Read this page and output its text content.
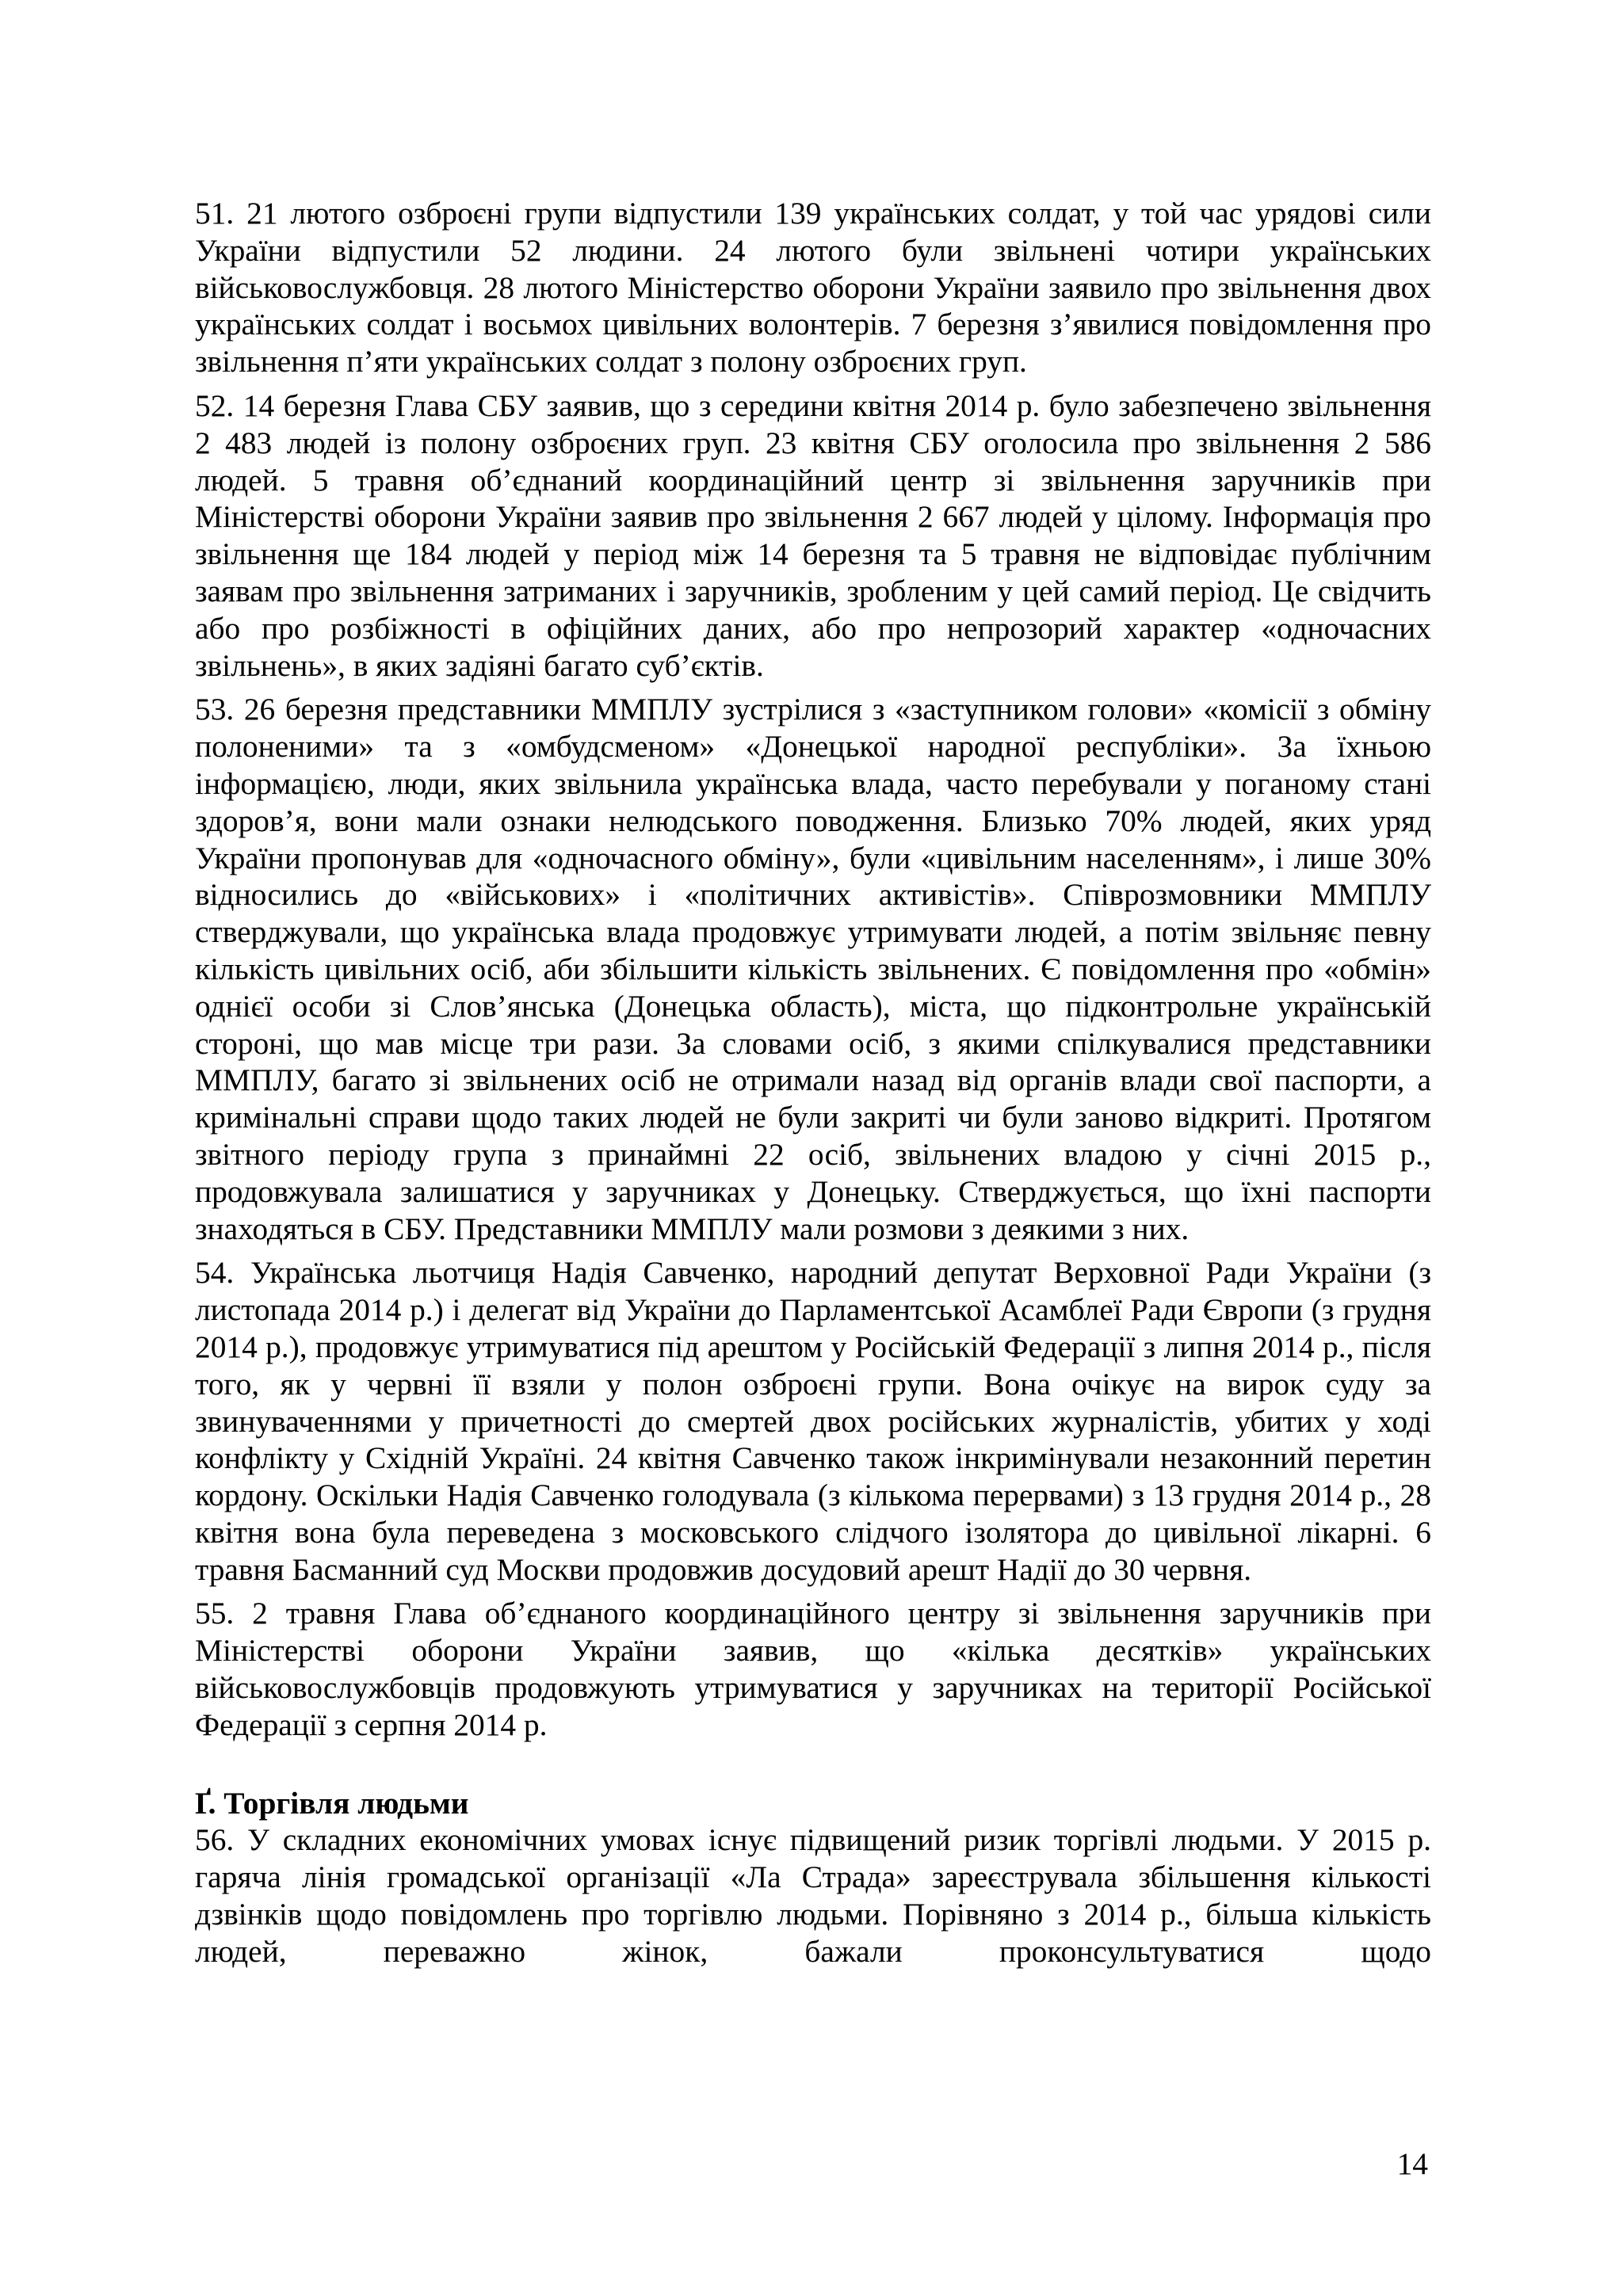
51. 21 лютого озброєні групи відпустили 139 українських солдат, у той час урядові сили України відпустили 52 людини. 24 лютого були звільнені чотири українських військовослужбовця. 28 лютого Міністерство оборони України заявило про звільнення двох українських солдат і восьмох цивільних волонтерів. 7 березня з’явилися повідомлення про звільнення п’яти українських солдат з полону озброєних груп.

52. 14 березня Глава СБУ заявив, що з середини квітня 2014 р. було забезпечено звільнення 2 483 людей із полону озброєних груп. 23 квітня СБУ оголосила про звільнення 2 586 людей. 5 травня об’єднаний координаційний центр зі звільнення заручників при Міністерстві оборони України заявив про звільнення 2 667 людей у цілому. Інформація про звільнення ще 184 людей у період між 14 березня та 5 травня не відповідає публічним заявам про звільнення затриманих і заручників, зробленим у цей самий період. Це свідчить або про розбіжності в офіційних даних, або про непрозорий характер «одночасних звільнень», в яких задіяні багато суб’єктів.

53. 26 березня представники ММПЛУ зустрілися з «заступником голови» «комісії з обміну полоненими» та з «омбудсменом» «Донецької народної республіки». За їхньою інформацією, люди, яких звільнила українська влада, часто перебували у поганому стані здоров’я, вони мали ознаки нелюдського поводження. Близько 70% людей, яких уряд України пропонував для «одночасного обміну», були «цивільним населенням», і лише 30% відносились до «військових» і «політичних активістів». Співрозмовники ММПЛУ стверджували, що українська влада продовжує утримувати людей, а потім звільняє певну кількість цивільних осіб, аби збільшити кількість звільнених. Є повідомлення про «обмін» однієї особи зі Слов’янська (Донецька область), міста, що підконтрольне українській стороні, що мав місце три рази. За словами осіб, з якими спілкувалися представники ММПЛУ, багато зі звільнених осіб не отримали назад від органів влади свої паспорти, а кримінальні справи щодо таких людей не були закриті чи були заново відкриті. Протягом звітного періоду група з принаймні 22 осіб, звільнених владою у січні 2015 р., продовжувала залишатися у заручниках у Донецьку. Стверджується, що їхні паспорти знаходяться в СБУ. Представники ММПЛУ мали розмови з деякими з них.

54. Українська льотчиця Надія Савченко, народний депутат Верховної Ради України (з листопада 2014 р.) і делегат від України до Парламентської Асамблеї Ради Європи (з грудня 2014 р.), продовжує утримуватися під арештом у Російській Федерації з липня 2014 р., після того, як у червні її взяли у полон озброєні групи. Вона очікує на вирок суду за звинуваченнями у причетності до смертей двох російських журналістів, убитих у ході конфлікту у Східній Україні. 24 квітня Савченко також інкримінували незаконний перетин кордону. Оскільки Надія Савченко голодувала (з кількома перервами) з 13 грудня 2014 р., 28 квітня вона була переведена з московського слідчого ізолятора до цивільної лікарні. 6 травня Басманний суд Москви продовжив досудовий арешт Надії до 30 червня.

55. 2 травня Глава об’єднаного координаційного центру зі звільнення заручників при Міністерстві оборони України заявив, що «кілька десятків» українських військовослужбовців продовжують утримуватися у заручниках на території Російської Федерації з серпня 2014 р.

Ґ. Торгівля людьми

56. У складних економічних умовах існує підвищений ризик торгівлі людьми. У 2015 р. гаряча лінія громадської організації «Ла Страда» зареєструвала збільшення кількості дзвінків щодо повідомлень про торгівлю людьми. Порівняно з 2014 р., більша кількість людей, переважно жінок, бажали проконсультуватися щодо

14
